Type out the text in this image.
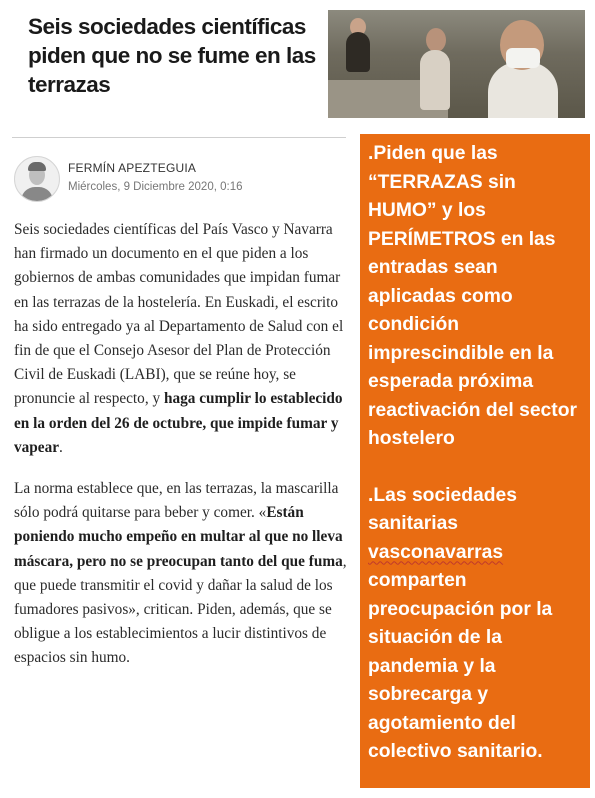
Seis sociedades científicas piden que no se fume en las terrazas
FERMÍN APEZTEGUIA
Miércoles, 9 Diciembre 2020, 0:16

Seis sociedades científicas del País Vasco y Navarra han firmado un documento en el que piden a los gobiernos de ambas comunidades que impidan fumar en las terrazas de la hostelería. En Euskadi, el escrito ha sido entregado ya al Departamento de Salud con el fin de que el Consejo Asesor del Plan de Protección Civil de Euskadi (LABI), que se reúne hoy, se pronuncie al respecto, y haga cumplir lo establecido en la orden del 26 de octubre, que impide fumar y vapear.

La norma establece que, en las terrazas, la mascarilla sólo podrá quitarse para beber y comer. «Están poniendo mucho empeño en multar al que no lleva máscara, pero no se preocupan tanto del que fuma, que puede transmitir el covid y dañar la salud de los fumadores pasivos», critican. Piden, además, que se obligue a los establecimientos a lucir distintivos de espacios sin humo.

.Piden que las “TERRAZAS sin HUMO” y los PERÍMETROS en las entradas sean aplicadas como condición imprescindible en la esperada próxima reactivación del sector hostelero

.Las sociedades sanitarias vasconavarras comparten preocupación por la situación de la pandemia y la sobrecarga y agotamiento del colectivo sanitario.
